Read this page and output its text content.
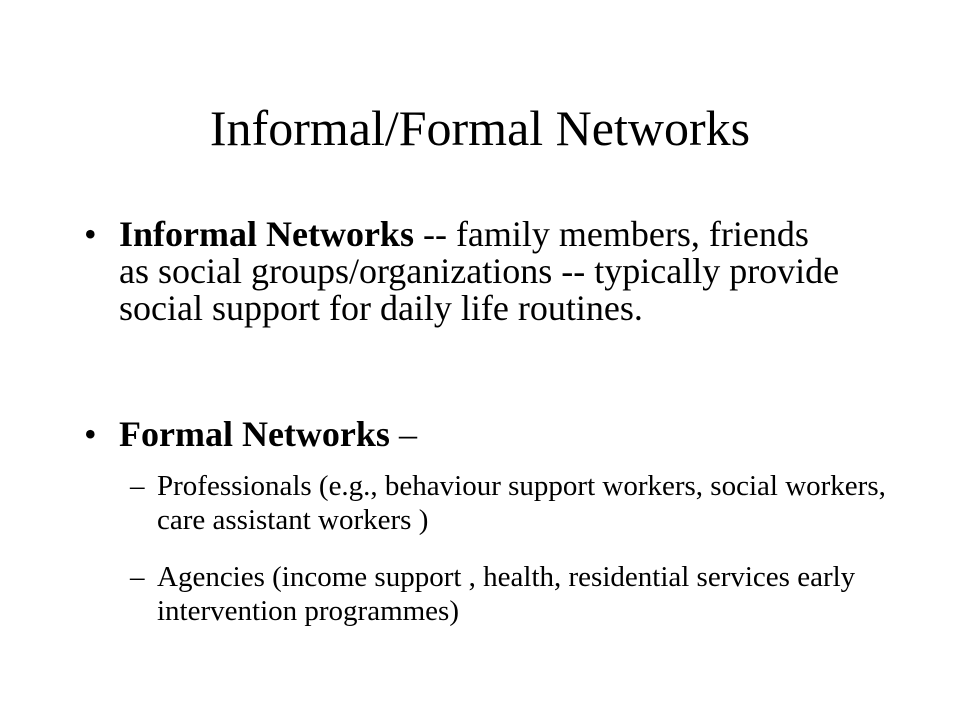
Informal/Formal Networks
• Informal Networks -- family members, friends as social groups/organizations -- typically provide social support for daily life routines.
• Formal Networks –
– Professionals (e.g., behaviour support workers, social workers, care assistant workers )
– Agencies (income support , health, residential services early intervention programmes)
